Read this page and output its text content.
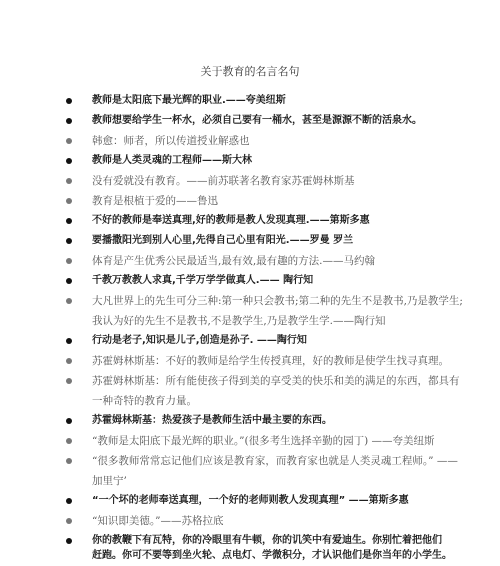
关于教育的名言名句
教师是太阳底下最光辉的职业.——夸美纽斯
教师想要给学生一杯水，必须自己要有一桶水，甚至是源源不断的活泉水。
韩愈：师者，所以传道授业解惑也
教师是人类灵魂的工程师——斯大林
没有爱就没有教育。——前苏联著名教育家苏霍姆林斯基
教育是根植于爱的——鲁迅
不好的教师是奉送真理,好的教师是教人发现真理.——第斯多惠
要播撒阳光到别人心里,先得自己心里有阳光.——罗曼 罗兰
体育是产生优秀公民最适当,最有效,最有趣的方法.——马约翰
千教万教教人求真,千学万学学做真人.—— 陶行知
大凡世界上的先生可分三种:第一种只会教书;第二种的先生不是教书,乃是教学生;
我认为好的先生不是教书,不是教学生,乃是教学生学.——陶行知
行动是老子,知识是儿子,创造是孙子. ——陶行知
苏霍姆林斯基：不好的教师是给学生传授真理，好的教师是使学生找寻真理。
苏霍姆林斯基：所有能使孩子得到美的享受美的快乐和美的满足的东西，都具有
一种奇特的教育力量。
苏霍姆林斯基：热爱孩子是教师生活中最主要的东西。
“教师是太阳底下最光辉的职业。”(很多考生选择辛勤的园丁) ——夸美纽斯
“很多教师常常忘记他们应该是教育家，而教育家也就是人类灵魂工程师。” ——
加里宁’
“一个坏的老师奉送真理，一个好的老师则教人发现真理” ——第斯多惠
“知识即美德。”——苏格拉底
你的教鞭下有瓦特，你的冷眼里有牛顿，你的讥笑中有爱迪生。你别忙着把他们
赶跑。你可不要等到坐火轮、点电灯、学微积分，才认识他们是你当年的小学生。
